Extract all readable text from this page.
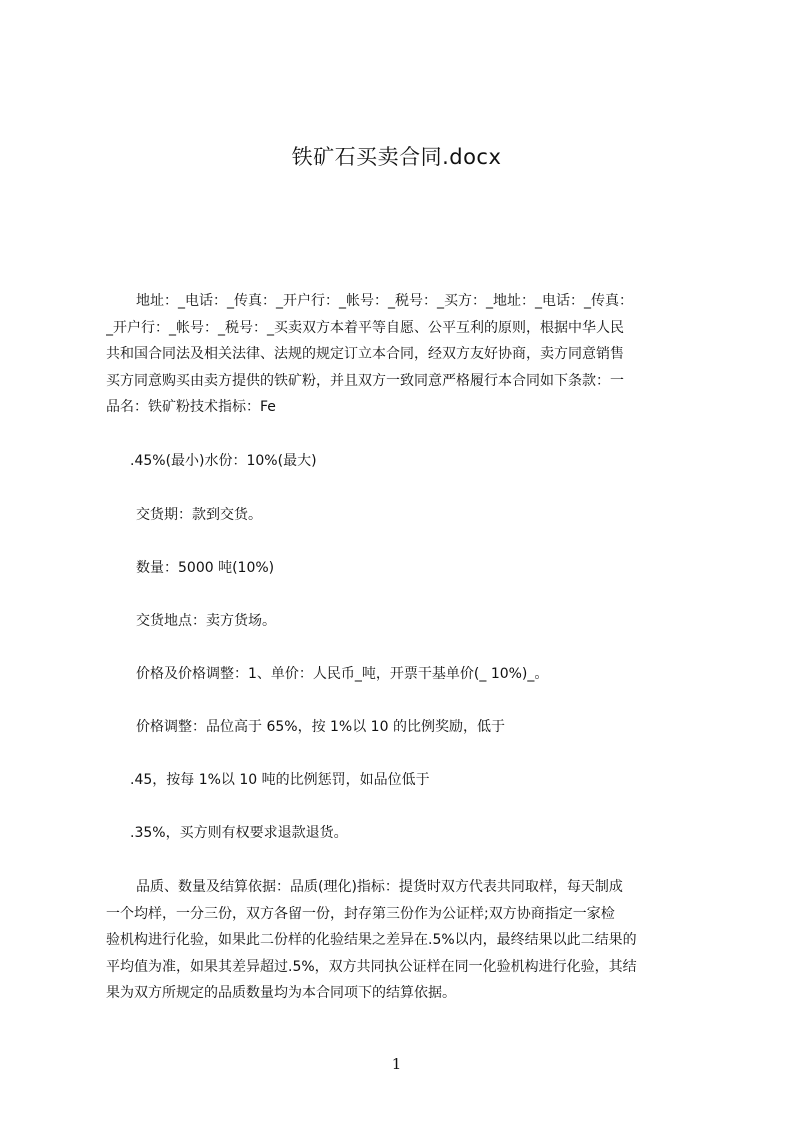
铁矿石买卖合同.docx
地址：_电话：_传真：_开户行：_帐号：_税号：_买方：_地址：_电话：_传真：
_开户行：_帐号：_税号：_买卖双方本着平等自愿、公平互利的原则，根据中华人民
共和国合同法及相关法律、法规的规定订立本合同，经双方友好协商，卖方同意销售
买方同意购买由卖方提供的铁矿粉，并且双方一致同意严格履行本合同如下条款：一
品名：铁矿粉技术指标：Fe

.45%(最小)水份：10%(最大)

交货期：款到交货。

数量：5000 吨(10%)

交货地点：卖方货场。

价格及价格调整：1、单价：人民币_吨，开票干基单价(_ 10%)_。

价格调整：品位高于 65%，按 1%以 10 的比例奖励，低于

.45，按每 1%以 10 吨的比例惩罚，如品位低于

.35%，买方则有权要求退款退货。

品质、数量及结算依据：品质(理化)指标：提货时双方代表共同取样，每天制成
一个均样，一分三份，双方各留一份，封存第三份作为公证样;双方协商指定一家检
验机构进行化验，如果此二份样的化验结果之差异在.5%以内，最终结果以此二结果的
平均值为准，如果其差异超过.5%，双方共同执公证样在同一化验机构进行化验，其结
果为双方所规定的品质数量均为本合同项下的结算依据。
1
